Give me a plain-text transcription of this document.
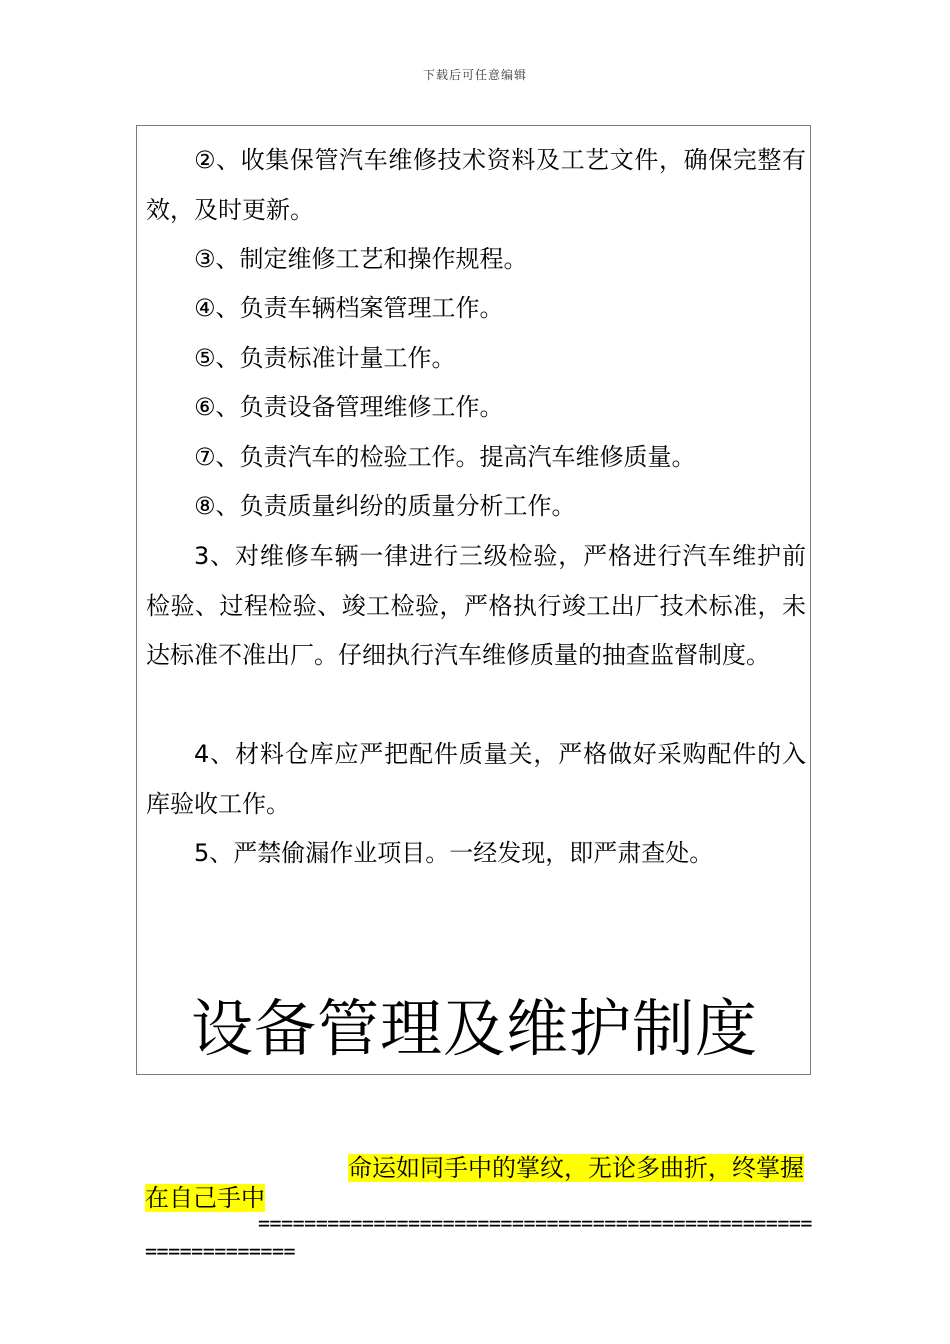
下载后可任意编辑

②、收集保管汽车维修技术资料及工艺文件，确保完整有效，及时更新。

③、制定维修工艺和操作规程。

④、负责车辆档案管理工作。

⑤、负责标准计量工作。

⑥、负责设备管理维修工作。

⑦、负责汽车的检验工作。提高汽车维修质量。

⑧、负责质量纠纷的质量分析工作。

3、对维修车辆一律进行三级检验，严格进行汽车维护前检验、过程检验、竣工检验，严格执行竣工出厂技术标准，未达标准不准出厂。仔细执行汽车维修质量的抽查监督制度。

4、材料仓库应严把配件质量关，严格做好采购配件的入库验收工作。

5、严禁偷漏作业项目。一经发现，即严肃查处。

设备管理及维护制度

命运如同手中的掌纹，无论多曲折，终掌握在自己手中

=============================================================
